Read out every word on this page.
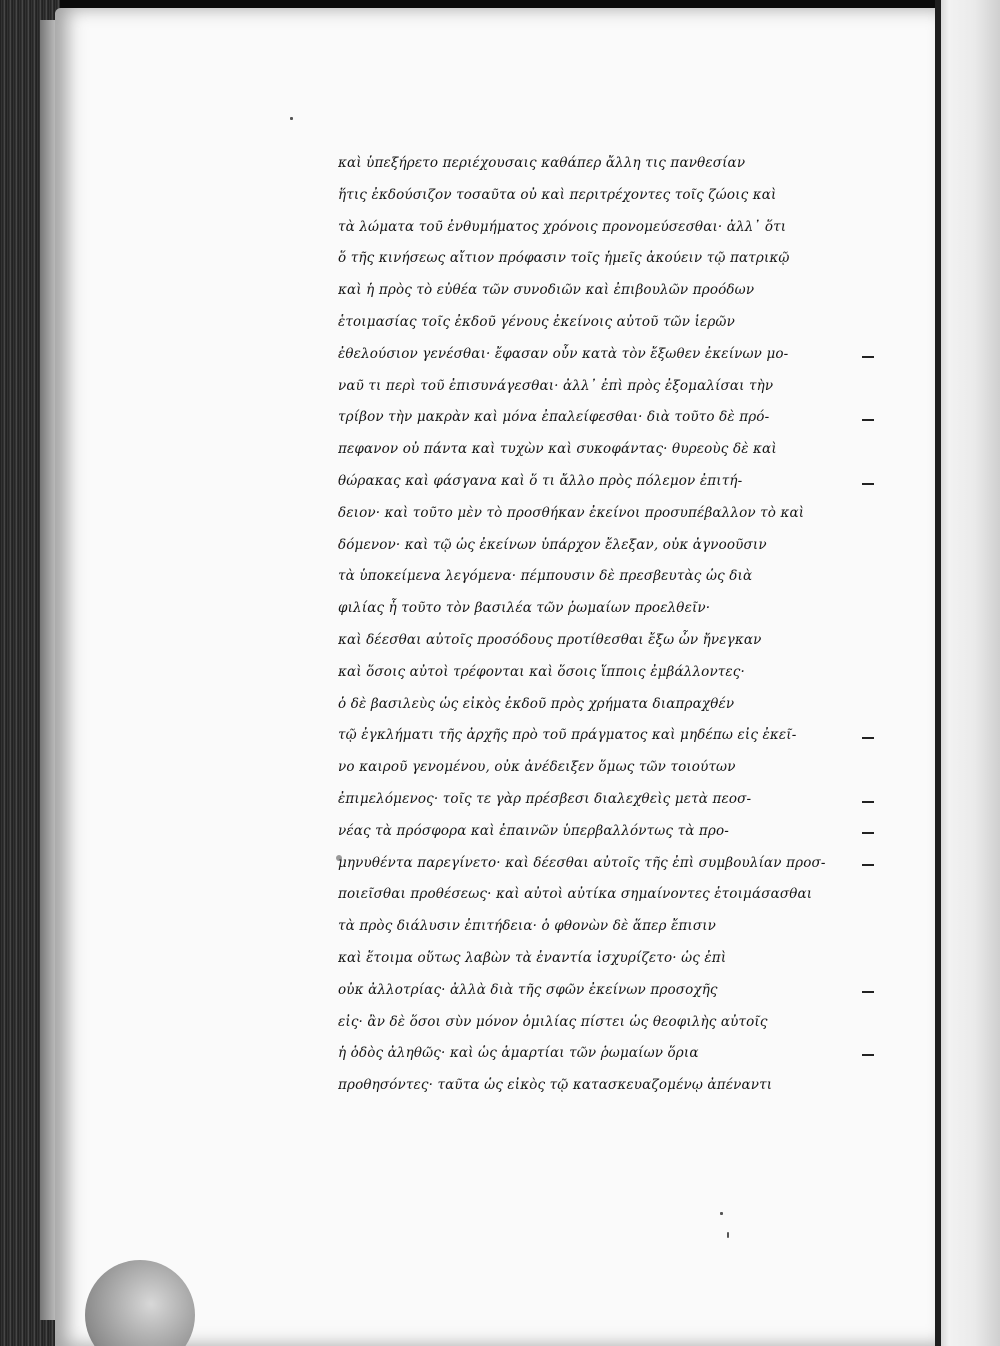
καὶ ὑπεξήρετο περιέχουσαις καθάπερ ἄλλη τις πανθεσίαν
ἥτις ἐκδούσιζον τοσαῦτα οὐ καὶ περιτρέχοντες τοῖς ζώοις καὶ
τὰ λώματα τοῦ ἐνθυμήματος χρόνοις προνομεύσεσθαι· ἀλλ᾽ ὅτι
ὅ τῆς κινήσεως αἴτιον πρόφασιν τοῖς ἡμεῖς ἀκούειν τῷ πατρικῷ
καὶ ἡ πρὸς τὸ εὐθέα τῶν συνοδιῶν καὶ ἐπιβουλῶν προόδων
ἑτοιμασίας τοῖς ἐκδοῦ γένους ἐκείνοις αὐτοῦ τῶν ἱερῶν
ἐθελούσιον γενέσθαι· ἔφασαν οὖν κατὰ τὸν ἔξωθεν ἐκείνων μο-
ναῦ τι περὶ τοῦ ἐπισυνάγεσθαι· ἀλλ᾽ ἐπὶ πρὸς ἐξομαλίσαι τὴν
τρίβον τὴν μακρὰν καὶ μόνα ἐπαλείφεσθαι· διὰ τοῦτο δὲ πρό-
πεφανον οὐ πάντα καὶ τυχὼν καὶ συκοφάντας· θυρεοὺς δὲ καὶ
θώρακας καὶ φάσγανα καὶ ὅ τι ἄλλο πρὸς πόλεμον ἐπιτή-
δειον· καὶ τοῦτο μὲν τὸ προσθήκαν ἐκείνοι προσυπέβαλλον τὸ καὶ
δόμενον· καὶ τῷ ὡς ἐκείνων ὑπάρχον ἔλεξαν, οὐκ ἀγνοοῦσιν
τὰ ὑποκείμενα λεγόμενα· πέμπουσιν δὲ πρεσβευτὰς ὡς διὰ
φιλίας ἦ τοῦτο τὸν βασιλέα τῶν ῥωμαίων προελθεῖν·
καὶ δέεσθαι αὐτοῖς προσόδους προτίθεσθαι ἔξω ὧν ἤνεγκαν
καὶ ὅσοις αὐτοὶ τρέφονται καὶ ὅσοις ἵπποις ἐμβάλλοντες·
ὁ δὲ βασιλεὺς ὡς εἰκὸς ἐκδοῦ πρὸς χρήματα διαπραχθέν
τῷ ἐγκλήματι τῆς ἀρχῆς πρὸ τοῦ πράγματος καὶ μηδέπω εἰς ἐκεῖ-
νο καιροῦ γενομένου, οὐκ ἀνέδειξεν ὅμως τῶν τοιούτων
ἐπιμελόμενος· τοῖς τε γὰρ πρέσβεσι διαλεχθεὶς μετὰ πεοσ-
νέας τὰ πρόσφορα καὶ ἐπαινῶν ὑπερβαλλόντως τὰ προ-
μηνυθέντα παρεγίνετο· καὶ δέεσθαι αὐτοῖς τῆς ἐπὶ συμβουλίαν προσ-
ποιεῖσθαι προθέσεως· καὶ αὐτοὶ αὐτίκα σημαίνοντες ἑτοιμάσασθαι
τὰ πρὸς διάλυσιν ἐπιτήδεια· ὁ φθονὼν δὲ ἅπερ ἔπισιν
καὶ ἕτοιμα οὕτως λαβὼν τὰ ἐναντία ἰσχυρίζετο· ὡς ἐπὶ
οὐκ ἀλλοτρίας· ἀλλὰ διὰ τῆς σφῶν ἐκείνων προσοχῆς
εἰς· ἂν δὲ ὅσοι σὺν μόνον ὁμιλίας πίστει ὡς θεοφιλὴς αὐτοῖς
ἡ ὁδὸς ἀληθῶς· καὶ ὡς ἁμαρτίαι τῶν ῥωμαίων ὅρια
προθησόντες· ταῦτα ὡς εἰκὸς τῷ κατασκευαζομένῳ ἀπέναντι
